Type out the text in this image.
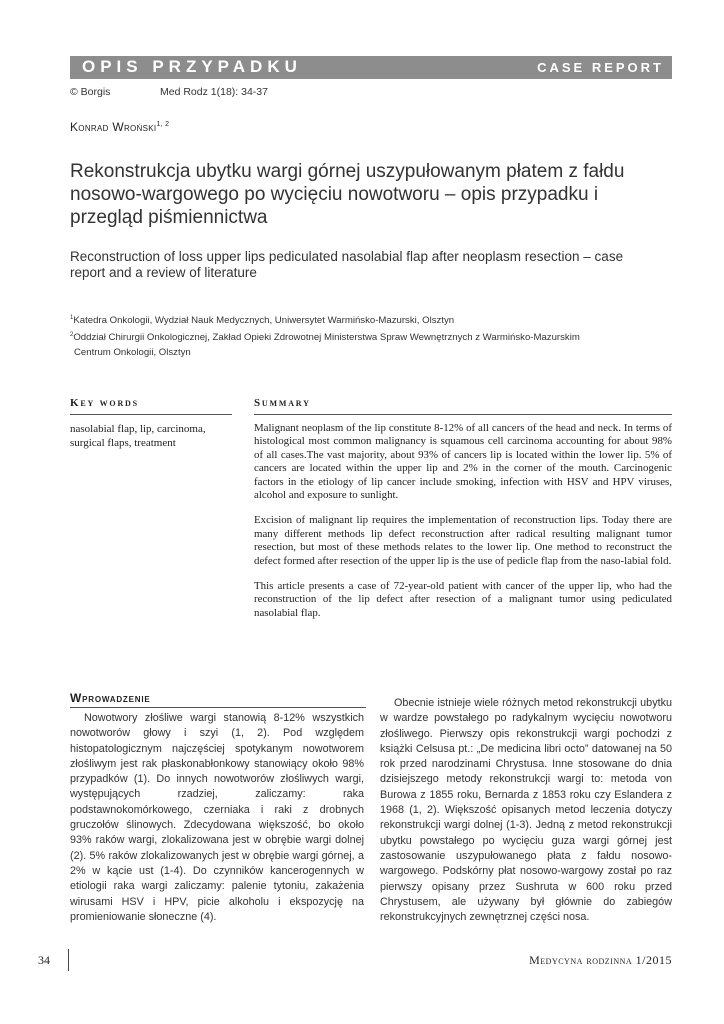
OPIS PRZYPADKU	CASE REPORT
© Borgis	Med Rodz 1(18): 34-37
Konrad Wroński$^{1, 2}$
Rekonstrukcja ubytku wargi górnej uszypułowanym płatem z fałdu nosowo-wargowego po wycięciu nowotworu – opis przypadku i przegląd piśmiennictwa
Reconstruction of loss upper lips pediculated nasolabial flap after neoplasm resection – case report and a review of literature
$^1$Katedra Onkologii, Wydział Nauk Medycznych, Uniwersytet Warmińsko-Mazurski, Olsztyn
$^2$Oddział Chirurgii Onkologicznej, Zakład Opieki Zdrowotnej Ministerstwa Spraw Wewnętrznych z Warmińsko-Mazurskim
Centrum Onkologii, Olsztyn
Key words	Summary
nasolabial flap, lip, carcinoma, surgical flaps, treatment

Malignant neoplasm of the lip constitute 8-12% of all cancers of the head and neck. In terms of histological most common malignancy is squamous cell carcinoma accounting for about 98% of all cases.The vast majority, about 93% of cancers lip is located within the lower lip. 5% of cancers are located within the upper lip and 2% in the corner of the mouth. Carcinogenic factors in the etiology of lip cancer include smoking, infection with HSV and HPV viruses, alcohol and exposure to sunlight.

Excision of malignant lip requires the implementation of reconstruction lips. Today there are many different methods lip defect reconstruction after radical resulting malignant tumor resection, but most of these methods relates to the lower lip. One method to reconstruct the defect formed after resection of the upper lip is the use of pedicle flap from the naso-labial fold.

This article presents a case of 72-year-old patient with cancer of the upper lip, who had the reconstruction of the lip defect after resection of a malignant tumor using pediculated nasolabial flap.

Wprowadzenie

Nowotwory złośliwe wargi stanowią 8-12% wszystkich nowotworów głowy i szyi (1, 2). Pod względem histopatologicznym najczęściej spotykanym nowotworem złośliwym jest rak płaskonabłonkowy stanowiący około 98% przypadków (1). Do innych nowotworów złośliwych wargi, występujących rzadziej, zaliczamy: raka podstawnokomórkowego, czerniaka i raki z drobnych gruczołów ślinowych. Zdecydowana większość, bo około 93% raków wargi, zlokalizowana jest w obrębie wargi dolnej (2). 5% raków zlokalizowanych jest w obrębie wargi górnej, a 2% w kącie ust (1-4). Do czynników kancerogennych w etiologii raka wargi zaliczamy: palenie tytoniu, zakażenia wirusami HSV i HPV, picie alkoholu i ekspozycję na promieniowanie słoneczne (4).

Obecnie istnieje wiele różnych metod rekonstrukcji ubytku w wardze powstałego po radykalnym wycięciu nowotworu złośliwego. Pierwszy opis rekonstrukcji wargi pochodzi z książki Celsusa pt.: „De medicina libri octo” datowanej na 50 rok przed narodzinami Chrystusa. Inne stosowane do dnia dzisiejszego metody rekonstrukcji wargi to: metoda von Burowa z 1855 roku, Bernarda z 1853 roku czy Eslandera z 1968 (1, 2). Większość opisanych metod leczenia dotyczy rekonstrukcji wargi dolnej (1-3). Jedną z metod rekonstrukcji ubytku powstałego po wycięciu guza wargi górnej jest zastosowanie uszypułowanego płata z fałdu nosowo-wargowego. Podskórny płat nosowo-wargowy został po raz pierwszy opisany przez Sushruta w 600 roku przed Chrystusem, ale używany był głównie do zabiegów rekonstrukcyjnych zewnętrznej części nosa.

34	Medycyna rodzinna 1/2015
